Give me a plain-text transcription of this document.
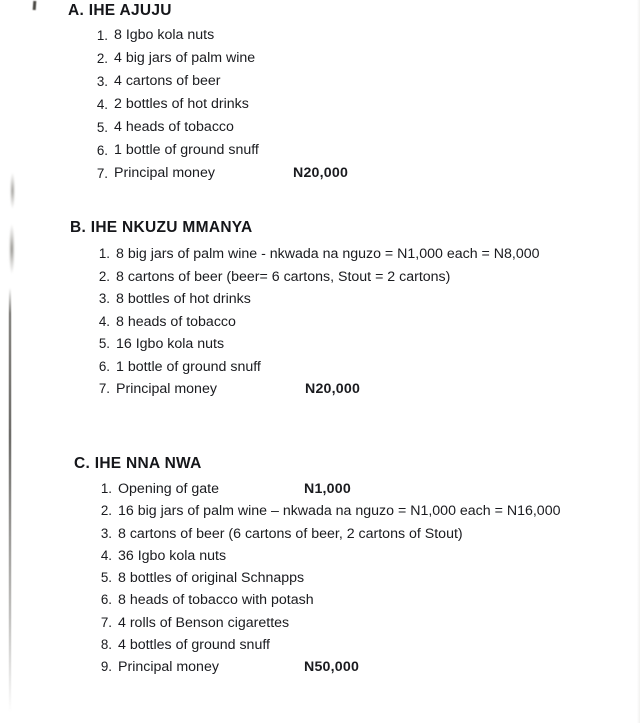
A. IHE AJUJU
1. 8 Igbo kola nuts
2. 4 big jars of palm wine
3. 4 cartons of beer
4. 2 bottles of hot drinks
5. 4 heads of tobacco
6. 1 bottle of ground snuff
7. Principal money	N20,000
B. IHE NKUZU MMANYA
1. 8 big jars of palm wine - nkwada na nguzo = N1,000 each = N8,000
2. 8 cartons of beer (beer= 6 cartons, Stout = 2 cartons)
3. 8 bottles of hot drinks
4. 8 heads of tobacco
5. 16 Igbo kola nuts
6. 1 bottle of ground snuff
7. Principal money	N20,000
C. IHE NNA NWA
1. Opening of gate	N1,000
2. 16 big jars of palm wine – nkwada na nguzo = N1,000 each = N16,000
3. 8 cartons of beer (6 cartons of beer, 2 cartons of Stout)
4. 36 Igbo kola nuts
5. 8 bottles of original Schnapps
6. 8 heads of tobacco with potash
7. 4 rolls of Benson cigarettes
8. 4 bottles of ground snuff
9. Principal money	N50,000
